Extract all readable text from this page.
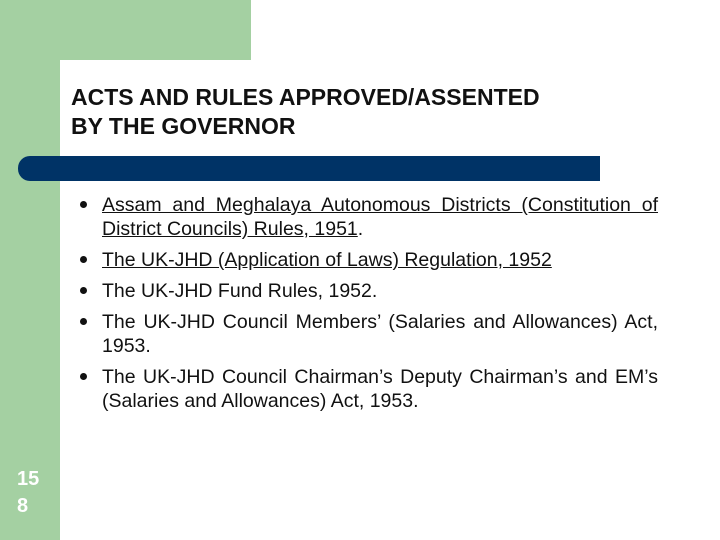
15
8
ACTS AND RULES APPROVED/ASSENTED
BY THE GOVERNOR
Assam and Meghalaya Autonomous Districts (Constitution of District Councils) Rules, 1951.
The UK-JHD (Application of Laws) Regulation, 1952
The UK-JHD Fund Rules, 1952.
The UK-JHD Council Members’ (Salaries and Allowances) Act, 1953.
The UK-JHD Council Chairman’s Deputy Chairman’s and EM’s (Salaries and Allowances) Act, 1953.
